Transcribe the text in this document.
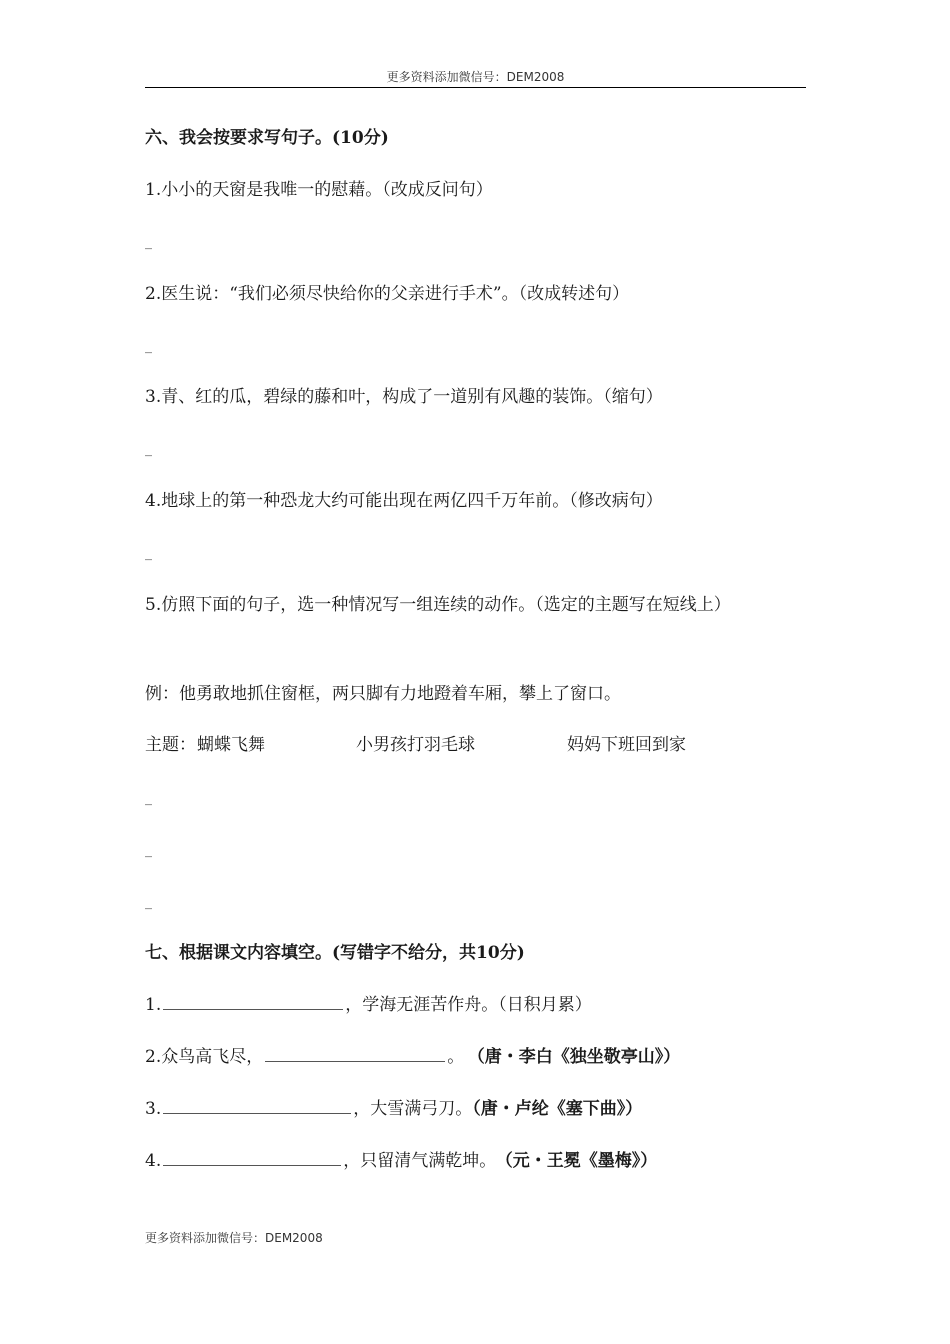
更多资料添加微信号：DEM2008
六、我会按要求写句子。(10分)
1.小小的天窗是我唯一的慰藉。（改成反问句）
_
2.医生说：“我们必须尽快给你的父亲进行手术”。（改成转述句）
_
3.青、红的瓜，碧绿的藤和叶，构成了一道别有风趣的装饰。（缩句）
_
4.地球上的第一种恐龙大约可能出现在两亿四千万年前。（修改病句）
_
5.仿照下面的句子，选一种情况写一组连续的动作。（选定的主题写在短线上）
例：他勇敢地抓住窗框，两只脚有力地蹬着车厢，攀上了窗口。
主题： 蝴蝶飞舞	小男孩打羽毛球	妈妈下班回到家
_
_
_
七、根据课文内容填空。(写错字不给分，共10分)
1.	，学海无涯苦作舟。（日积月累）
2.众鸟高飞尽，	。 （唐・李白《独坐敬亭山》）
3.	，大雪满弓刀。（唐・卢纶《塞下曲》）
4.	，只留清气满乾坤。 （元・王冕《墨梅》）
更多资料添加微信号：DEM2008
